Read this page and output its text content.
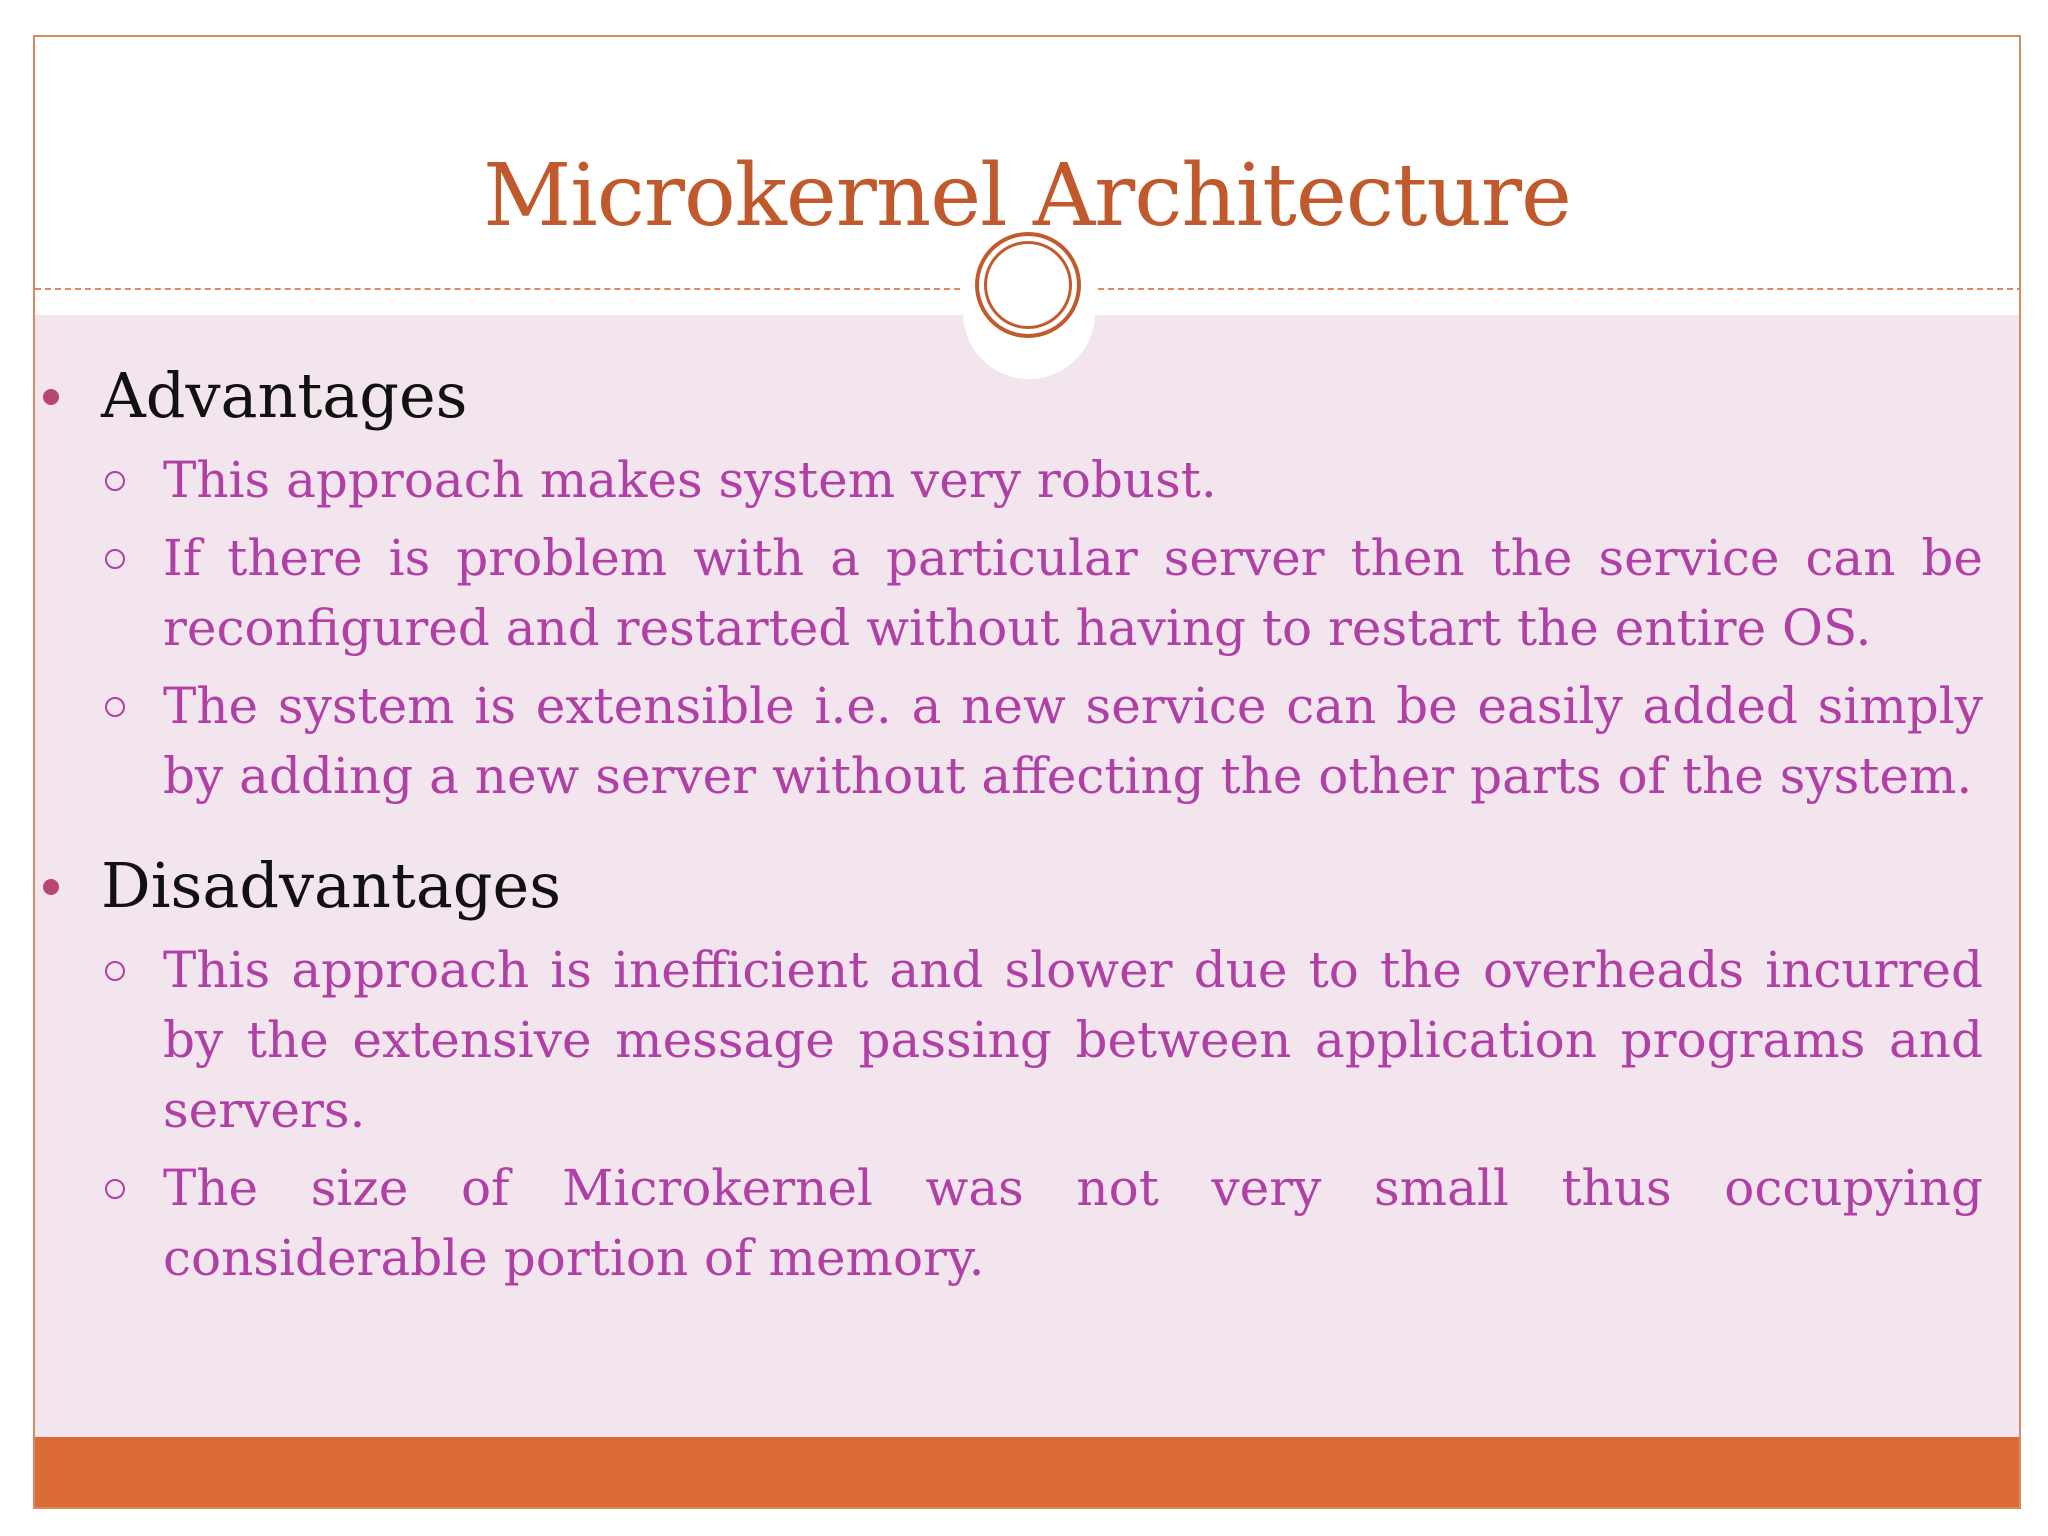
Microkernel Architecture
Advantages
This approach makes system very robust.
If there is problem with a particular server then the service can be reconfigured and restarted without having to restart the entire OS.
The system is extensible i.e. a new service can be easily added simply by adding a new server without affecting the other parts of the system.
Disadvantages
This approach is inefficient and slower due to the overheads incurred by the extensive message passing between application programs and servers.
The size of Microkernel was not very small thus occupying considerable portion of memory.
